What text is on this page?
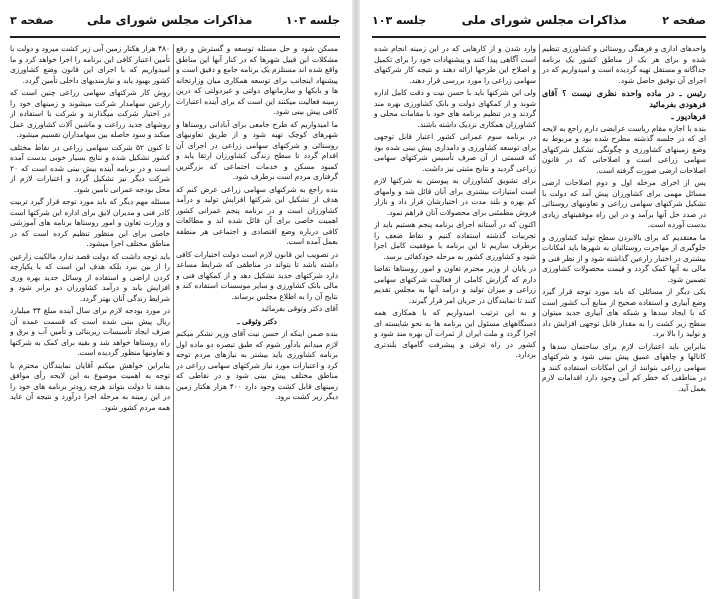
جلسه ۱۰۳
مذاکرات مجلس شورای ملی
صفحه ۳

مسکن شود و حل مسئله توسعه و گسترش و رفع مشکلات این قبیل شهرها که در کنار آنها این مناطق واقع شده اند مستلزم یک برنامه جامع و دقیق است و پیشنهاد اینجانب برای توسعه همکاری میان وزارتخانه ها و بانکها و سازمانهای دولتی و غیردولتی که درین زمینه فعالیت میکنند این است که برای آینده اعتبارات کافی پیش بینی شود.

ما امیدواریم که طرح جامعی برای آبادانی روستاها و شهرهای کوچک تهیه شود و از طریق تعاونیهای روستائی و شرکتهای سهامی زراعی در اجرای آن اقدام گردد تا سطح زندگی کشاورزان ارتقا یابد و کمبود مسکن و خدمات اجتماعی که بزرگترین گرفتاری مردم است برطرف شود.

بنده راجع به شرکتهای سهامی زراعی عرض کنم که هدف از تشکیل این شرکتها افزایش تولید و درآمد کشاورزان است و در برنامه پنجم عمرانی کشور اهمیت خاصی برای آن قائل شده اند و مطالعات کافی درباره وضع اقتصادی و اجتماعی هر منطقه بعمل آمده است.

در تصویب این قانون لازم است دولت اختیارات کافی داشته باشد تا بتواند در مناطقی که شرایط مساعد دارد شرکتهای جدید تشکیل دهد و از کمکهای فنی و مالی بانک کشاورزی و سایر موسسات استفاده کند و نتایج آن را به اطلاع مجلس برساند.

آقای دکتر وثوقی بفرمائید

دکتر وثوقی ـ

بنده ضمن اینکه از حسن نیت آقای وزیر تشکر میکنم لازم میدانم یادآور شوم که طبق تبصره دو ماده اول برنامه کشاورزی باید بیشتر به نیازهای مردم توجه کرد و اعتبارات مورد نیاز شرکتهای سهامی زراعی در مناطق مختلف پیش بینی شود و در نقاطی که زمینهای قابل کشت وجود دارد ۴۰۰ هزار هکتار زمین دیگر زیر کشت برود.

۴۸۰ هزار هکتار زمین آبی زیر کشت میرود و دولت با تأمین اعتبار کافی این برنامه را اجرا خواهد کرد و ما امیدواریم که با اجرای این قانون وضع کشاورزی کشور بهبود یابد و نیازمندیهای داخلی تأمین گردد.

روش کار شرکتهای سهامی زراعی چنین است که زارعین سهامدار شرکت میشوند و زمینهای خود را در اختیار شرکت میگذارند و شرکت با استفاده از روشهای جدید زراعت و ماشین آلات کشاورزی عمل میکند و سود حاصله بین سهامداران تقسیم میشود.

تا کنون ۵۲ شرکت سهامی زراعی در نقاط مختلف کشور تشکیل شده و نتایج بسیار خوبی بدست آمده است و در برنامه آینده پیش بینی شده است که ۲۰ شرکت دیگر نیز تشکیل گردد و اعتبارات لازم از محل بودجه عمرانی تأمین شود.

مسئله مهم دیگر که باید مورد توجه قرار گیرد تربیت کادر فنی و مدیران لایق برای اداره این شرکتها است و وزارت تعاون و امور روستاها برنامه های آموزشی خاصی برای این منظور تنظیم کرده است که در مناطق مختلف اجرا میشود.

باید توجه داشت که دولت قصد ندارد مالکیت زارعین را از بین ببرد بلکه هدف این است که با یکپارچه کردن اراضی و استفاده از وسائل جدید بهره وری افزایش یابد و درآمد کشاورزان دو برابر شود و شرایط زندگی آنان بهتر گردد.

در مورد بودجه لازم برای سال آینده مبلغ ۳۴ میلیارد ریال پیش بینی شده است که قسمت عمده آن صرف ایجاد تأسیسات زیربنائی و تأمین آب و برق و راه روستاها خواهد شد و بقیه برای کمک به شرکتها و تعاونیها منظور گردیده است.

بنابراین خواهش میکنم آقایان نمایندگان محترم با توجه به اهمیت موضوع به این لایحه رأی موافق بدهند تا دولت بتواند هرچه زودتر برنامه های خود را در این زمینه به مرحله اجرا درآورد و نتیجه آن عاید همه مردم کشور شود.

صفحه ۲
مذاکرات مجلس شورای ملی
جلسه ۱۰۳

واحدهای اداری و فرهنگی روستائی و کشاورزی تنظیم شده و برای هر یک از مناطق کشور یک برنامه جداگانه و مستقل تهیه گردیده است و امیدواریم که در اجرای آن توفیق حاصل شود.

رئیس ـ در ماده واحده نظری نیست ؟ آقای فرهودی بفرمائید

فرهادپور ـ

بنده با اجازه مقام ریاست عرایضی دارم راجع به لایحه ای که در جلسه گذشته مطرح شده بود و مربوط به وضع زمینهای کشاورزی و چگونگی تشکیل شرکتهای سهامی زراعی است و اصلاحاتی که در قانون اصلاحات ارضی صورت گرفته است.

پس از اجرای مرحله اول و دوم اصلاحات ارضی مسائل مهمی برای کشاورزان پیش آمد که دولت با تشکیل شرکتهای سهامی زراعی و تعاونیهای روستائی در صدد حل آنها برآمد و در این راه موفقیتهای زیادی بدست آورده است.

ما معتقدیم که برای بالابردن سطح تولید کشاورزی و جلوگیری از مهاجرت روستائیان به شهرها باید امکانات بیشتری در اختیار زارعین گذاشته شود و از نظر فنی و مالی به آنها کمک گردد و قیمت محصولات کشاورزی تضمین شود.

یکی دیگر از مسائلی که باید مورد توجه قرار گیرد وضع آبیاری و استفاده صحیح از منابع آب کشور است که با ایجاد سدها و شبکه های آبیاری جدید میتوان سطح زیر کشت را به مقدار قابل توجهی افزایش داد و تولید را بالا برد.

بنابراین باید اعتبارات لازم برای ساختمان سدها و کانالها و چاههای عمیق پیش بینی شود و شرکتهای سهامی زراعی بتوانند از این امکانات استفاده کنند و در مناطقی که خطر کم آبی وجود دارد اقدامات لازم بعمل آید.

وارد شدن و از کارهایی که در این زمینه انجام شده است آگاهی پیدا کنند و پیشنهادات خود را برای تکمیل و اصلاح این طرحها ارائه دهند و نتیجه کار شرکتهای سهامی زراعی را مورد بررسی قرار دهند.

ولی این شرکتها باید با حسن نیت و دقت کامل اداره شوند و از کمکهای دولت و بانک کشاورزی بهره مند گردند و در تنظیم برنامه های خود با مقامات محلی و کشاورزان همکاری نزدیک داشته باشند.

در برنامه سوم عمرانی کشور اعتبار قابل توجهی برای توسعه کشاورزی و دامداری پیش بینی شده بود که قسمتی از آن صرف تأسیس شرکتهای سهامی زراعی گردید و نتایج مثبتی نیز داشت.

برای تشویق کشاورزان به پیوستن به شرکتها لازم است امتیازات بیشتری برای آنان قائل شد و وامهای کم بهره و بلند مدت در اختیارشان قرار داد و بازار فروش مطمئنی برای محصولات آنان فراهم نمود.

اکنون که در آستانه اجرای برنامه پنجم هستیم باید از تجربیات گذشته استفاده کنیم و نقاط ضعف را برطرف سازیم تا این برنامه با موفقیت کامل اجرا شود و کشاورزی کشور به مرحله خودکفائی برسد.

در پایان از وزیر محترم تعاون و امور روستاها تقاضا دارم که گزارش کاملی از فعالیت شرکتهای سهامی زراعی و میزان تولید و درآمد آنها به مجلس تقدیم کنند تا نمایندگان در جریان امر قرار گیرند.

و به این ترتیب امیدواریم که با همکاری همه دستگاههای مسئول این برنامه ها به نحو شایسته ای اجرا گردد و ملت ایران از ثمرات آن بهره مند شود و کشور در راه ترقی و پیشرفت گامهای بلندتری بردارد.
